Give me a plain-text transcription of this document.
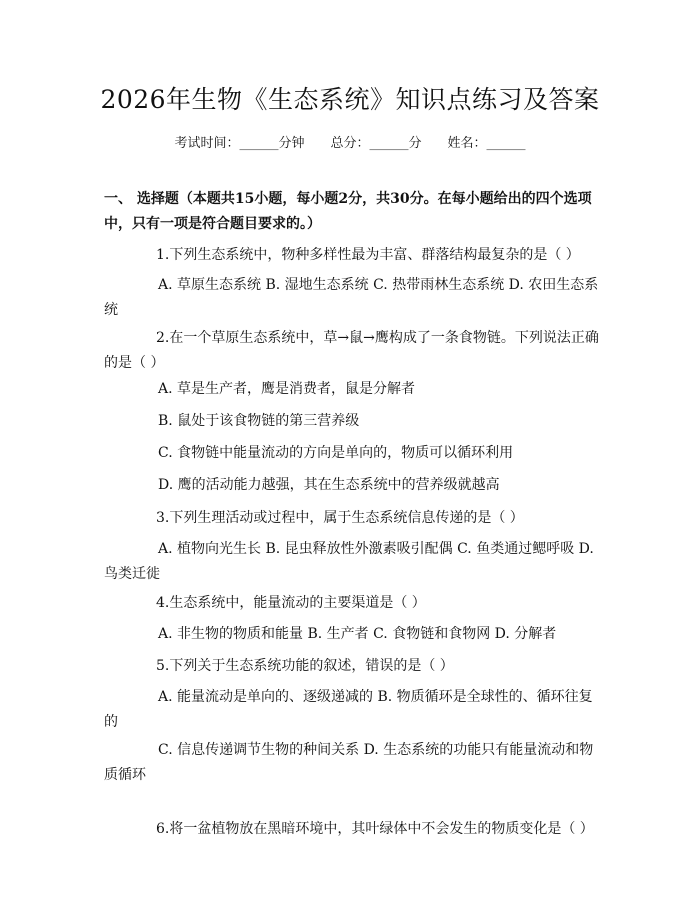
2026年生物《生态系统》知识点练习及答案
考试时间：______分钟 总分：______分 姓名：______
一、 选择题（本题共15小题，每小题2分，共30分。在每小题给出的四个选项中，只有一项是符合题目要求的。）
1.下列生态系统中，物种多样性最为丰富、群落结构最复杂的是（ ）
A. 草原生态系统 B. 湿地生态系统 C. 热带雨林生态系统 D. 农田生态系统
2.在一个草原生态系统中，草→鼠→鹰构成了一条食物链。下列说法正确的是（ ）
A. 草是生产者，鹰是消费者，鼠是分解者
B. 鼠处于该食物链的第三营养级
C. 食物链中能量流动的方向是单向的，物质可以循环利用
D. 鹰的活动能力越强，其在生态系统中的营养级就越高
3.下列生理活动或过程中，属于生态系统信息传递的是（ ）
A. 植物向光生长 B. 昆虫释放性外激素吸引配偶 C. 鱼类通过鳃呼吸 D. 鸟类迁徙
4.生态系统中，能量流动的主要渠道是（ ）
A. 非生物的物质和能量 B. 生产者 C. 食物链和食物网 D. 分解者
5.下列关于生态系统功能的叙述，错误的是（ ）
A. 能量流动是单向的、逐级递减的 B. 物质循环是全球性的、循环往复的
C. 信息传递调节生物的种间关系 D. 生态系统的功能只有能量流动和物质循环
6.将一盆植物放在黑暗环境中，其叶绿体中不会发生的物质变化是（ ）
